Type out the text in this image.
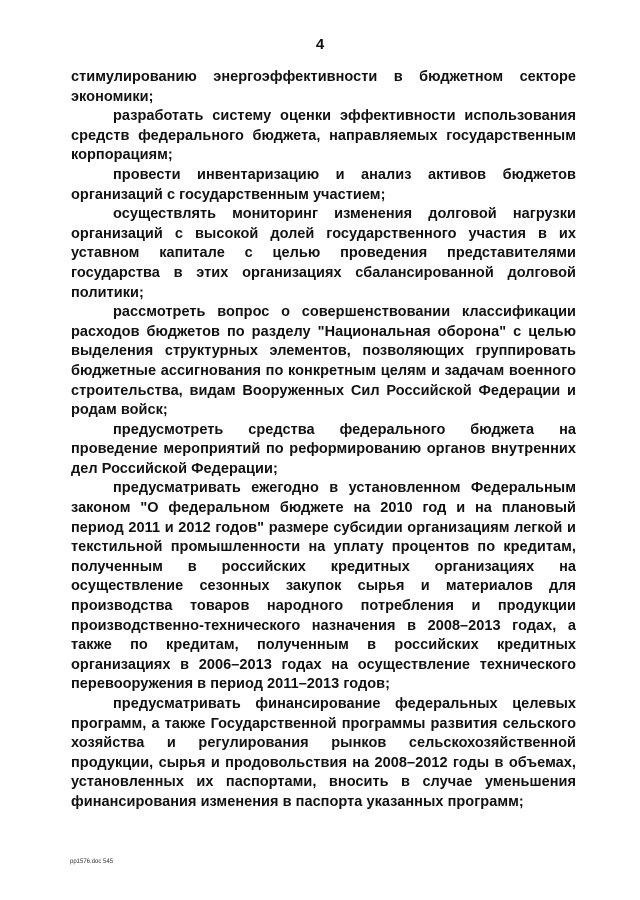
4

стимулированию энергоэффективности в бюджетном секторе экономики;

разработать систему оценки эффективности использования средств федерального бюджета, направляемых государственным корпорациям;

провести инвентаризацию и анализ активов бюджетов организаций с государственным участием;

осуществлять мониторинг изменения долговой нагрузки организаций с высокой долей государственного участия в их уставном капитале с целью проведения представителями государства в этих организациях сбалансированной долговой политики;

рассмотреть вопрос о совершенствовании классификации расходов бюджетов по разделу "Национальная оборона" с целью выделения структурных элементов, позволяющих группировать бюджетные ассигнования по конкретным целям и задачам военного строительства, видам Вооруженных Сил Российской Федерации и родам войск;

предусмотреть средства федерального бюджета на проведение мероприятий по реформированию органов внутренних дел Российской Федерации;

предусматривать ежегодно в установленном Федеральным законом "О федеральном бюджете на 2010 год и на плановый период 2011 и 2012 годов" размере субсидии организациям легкой и текстильной промышленности на уплату процентов по кредитам, полученным в российских кредитных организациях на осуществление сезонных закупок сырья и материалов для производства товаров народного потребления и продукции производственно-технического назначения в 2008–2013 годах, а также по кредитам, полученным в российских кредитных организациях в 2006–2013 годах на осуществление технического перевооружения в период 2011–2013 годов;

предусматривать финансирование федеральных целевых программ, а также Государственной программы развития сельского хозяйства и регулирования рынков сельскохозяйственной продукции, сырья и продовольствия на 2008–2012 годы в объемах, установленных их паспортами, вносить в случае уменьшения финансирования изменения в паспорта указанных программ;

pp1576.doc 545
